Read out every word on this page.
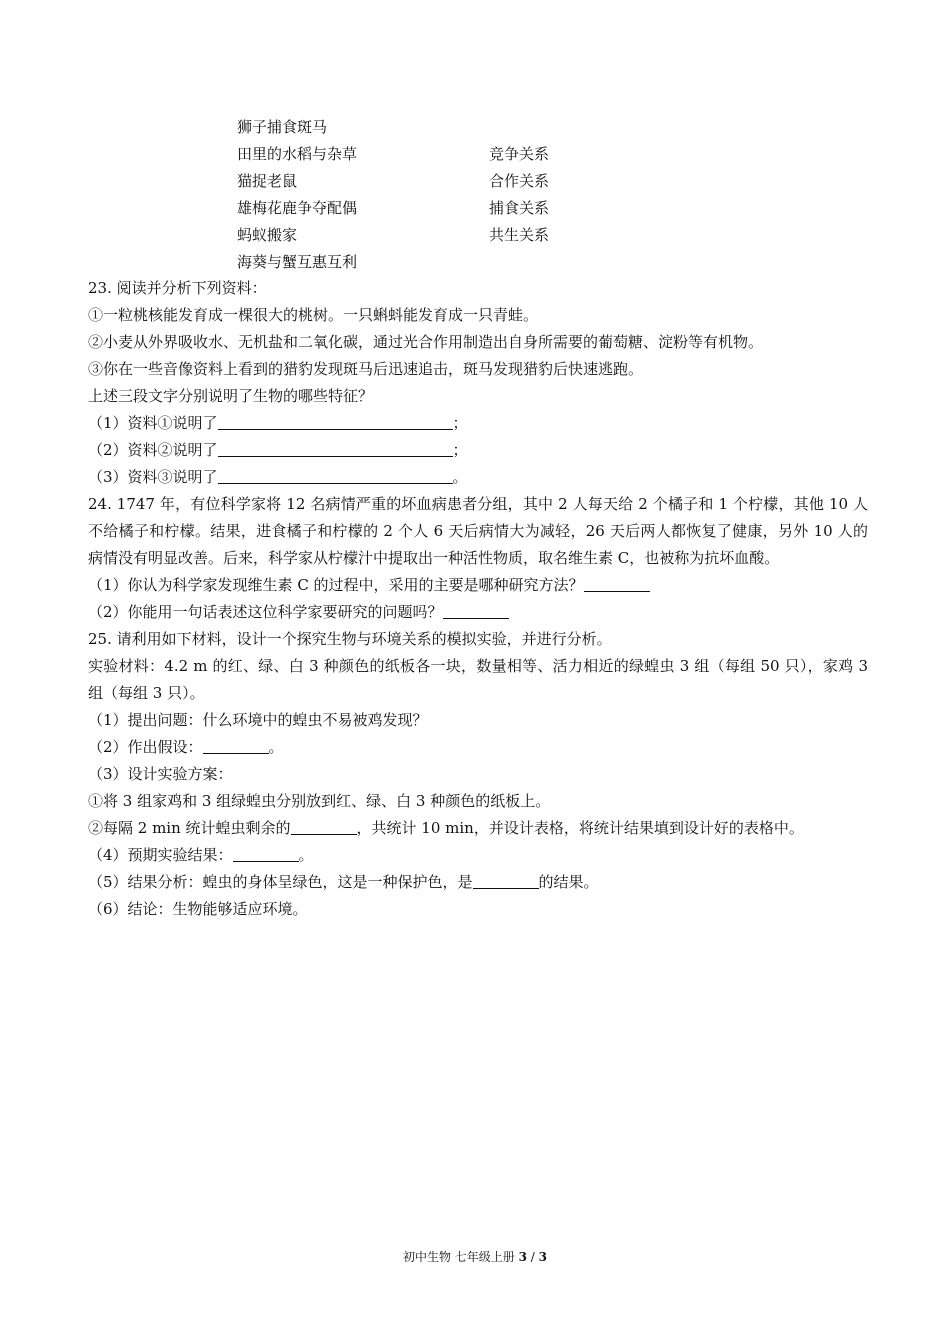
狮子捕食斑马
田里的水稻与杂草	竞争关系
猫捉老鼠	合作关系
雄梅花鹿争夺配偶	捕食关系
蚂蚁搬家	共生关系
海葵与蟹互惠互利
23. 阅读并分析下列资料：
①一粒桃核能发育成一棵很大的桃树。一只蝌蚪能发育成一只青蛙。
②小麦从外界吸收水、无机盐和二氧化碳，通过光合作用制造出自身所需要的葡萄糖、淀粉等有机物。
③你在一些音像资料上看到的猎豹发现斑马后迅速追击，斑马发现猎豹后快速逃跑。
上述三段文字分别说明了生物的哪些特征？
（1）资料①说明了	；
（2）资料②说明了	；
（3）资料③说明了	。
24. 1747 年，有位科学家将 12 名病情严重的坏血病患者分组，其中 2 人每天给 2 个橘子和 1 个柠檬，其他 10 人不给橘子和柠檬。结果，进食橘子和柠檬的 2 个人 6 天后病情大为减轻，26 天后两人都恢复了健康，另外 10 人的病情没有明显改善。后来，科学家从柠檬汁中提取出一种活性物质，取名维生素 C，也被称为抗坏血酸。
（1）你认为科学家发现维生素 C 的过程中，采用的主要是哪种研究方法？
（2）你能用一句话表述这位科学家要研究的问题吗？
25. 请利用如下材料，设计一个探究生物与环境关系的模拟实验，并进行分析。
实验材料：4.2 m 的红、绿、白 3 种颜色的纸板各一块，数量相等、活力相近的绿蝗虫 3 组（每组 50 只），家鸡 3 组（每组 3 只）。
（1）提出问题：什么环境中的蝗虫不易被鸡发现？
（2）作出假设：	。
（3）设计实验方案：
①将 3 组家鸡和 3 组绿蝗虫分别放到红、绿、白 3 种颜色的纸板上。
②每隔 2 min 统计蝗虫剩余的	，共统计 10 min，并设计表格，将统计结果填到设计好的表格中。
（4）预期实验结果：	。
（5）结果分析：蝗虫的身体呈绿色，这是一种保护色，是	的结果。
（6）结论：生物能够适应环境。
初中生物 七年级上册 3 / 3
